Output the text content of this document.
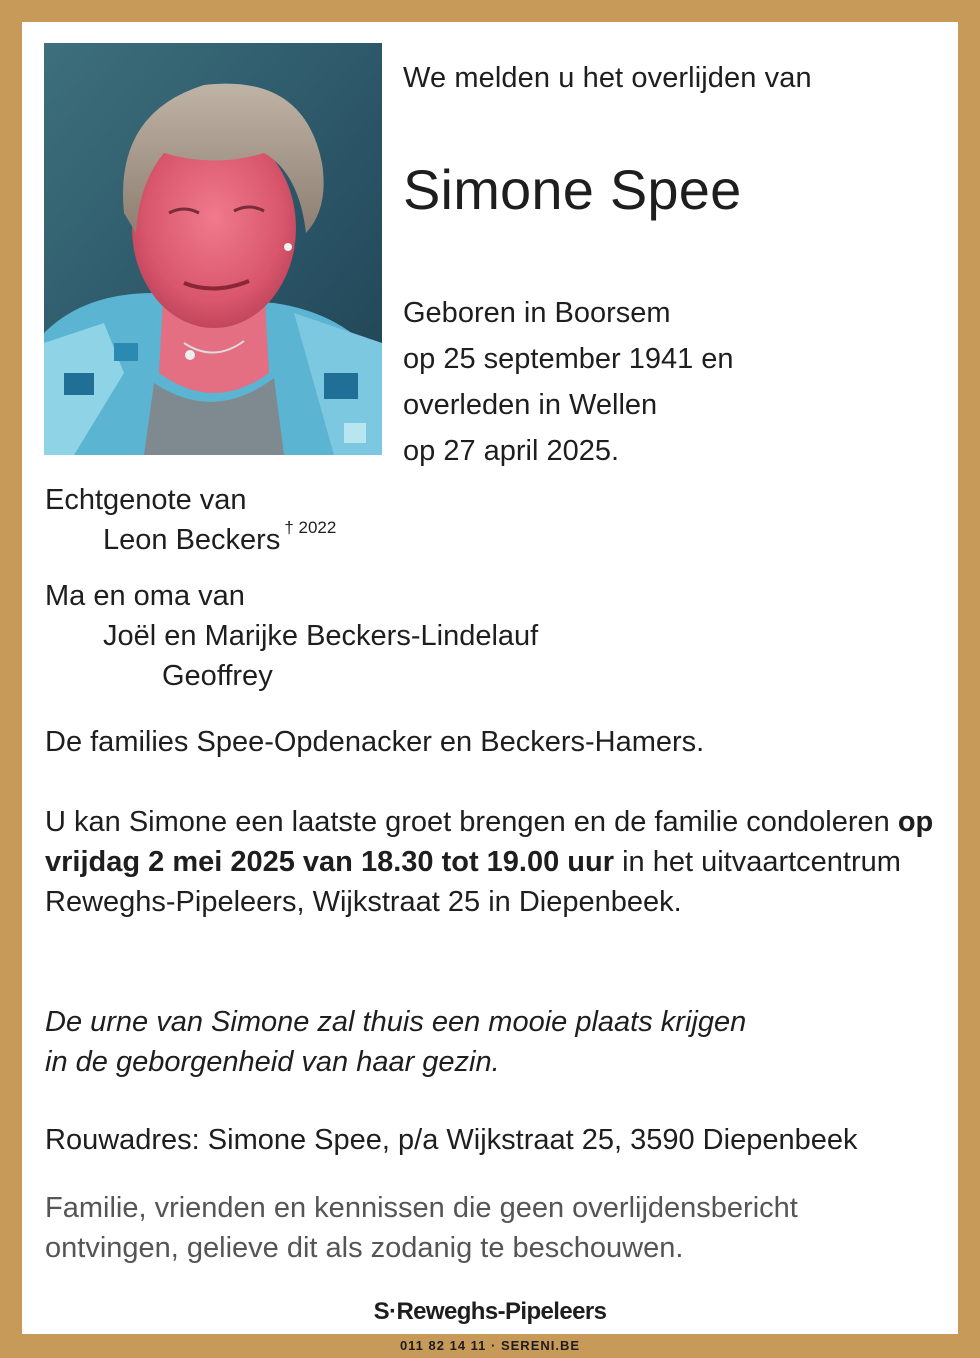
We melden u het overlijden van
Simone Spee
Geboren in Boorsem
op 25 september 1941 en
overleden in Wellen
op 27 april 2025.
Echtgenote van
Leon Beckers $^{\dagger 2022}$
Ma en oma van
Joël en Marijke Beckers-Lindelauf
Geoffrey
De families Spee-Opdenacker en Beckers-Hamers.
U kan Simone een laatste groet brengen en de familie condoleren op vrijdag 2 mei 2025 van 18.30 tot 19.00 uur in het uitvaartcentrum Reweghs-Pipeleers, Wijkstraat 25 in Diepenbeek.
De urne van Simone zal thuis een mooie plaats krijgen in de geborgenheid van haar gezin.
Rouwadres: Simone Spee, p/a Wijkstraat 25, 3590 Diepenbeek
Familie, vrienden en kennissen die geen overlijdensbericht ontvingen, gelieve dit als zodanig te beschouwen.
S·Reweghs-Pipeleers
011 82 14 11 · SERENI.BE
